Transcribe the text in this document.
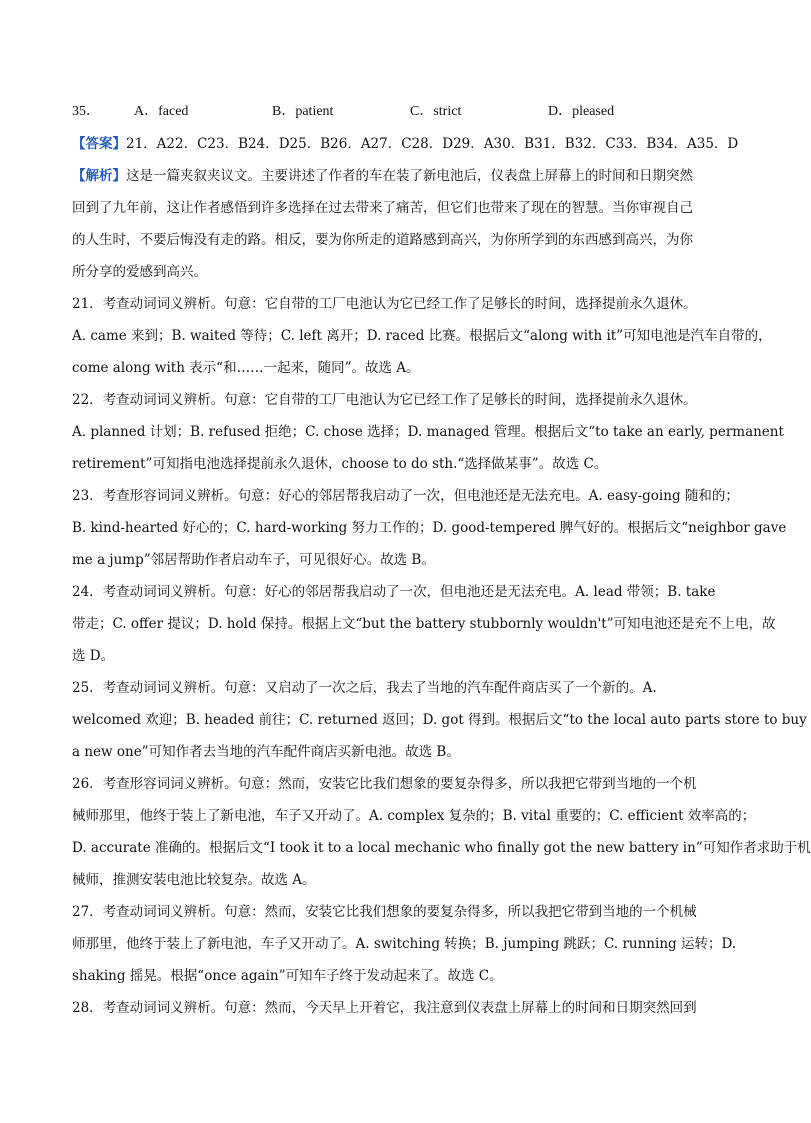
35．	A．faced	B．patient	C．strict	D．pleased
【答案】21．A22．C23．B24．D25．B26．A27．C28．D29．A30．B31．B32．C33．B34．A35．D
【解析】这是一篇夹叙夹议文。主要讲述了作者的车在装了新电池后，仪表盘上屏幕上的时间和日期突然
回到了九年前，这让作者感悟到许多选择在过去带来了痛苦，但它们也带来了现在的智慧。当你审视自己
的人生时，不要后悔没有走的路。相反，要为你所走的道路感到高兴，为你所学到的东西感到高兴，为你
所分享的爱感到高兴。
21．考查动词词义辨析。句意：它自带的工厂电池认为它已经工作了足够长的时间，选择提前永久退休。
A. came 来到；B. waited 等待；C. left 离开；D. raced 比赛。根据后文“along with it”可知电池是汽车自带的，
come along with 表示“和……一起来，随同”。故选 A。
22．考查动词词义辨析。句意：它自带的工厂电池认为它已经工作了足够长的时间，选择提前永久退休。
A. planned 计划；B. refused 拒绝；C. chose 选择；D. managed 管理。根据后文“to take an early, permanent
retirement”可知指电池选择提前永久退休，choose to do sth.“选择做某事”。故选 C。
23．考查形容词词义辨析。句意：好心的邻居帮我启动了一次，但电池还是无法充电。A. easy-going 随和的；
B. kind-hearted 好心的；C. hard-working 努力工作的；D. good-tempered 脾气好的。根据后文“neighbor gave
me a jump”邻居帮助作者启动车子，可见很好心。故选 B。
24．考查动词词义辨析。句意：好心的邻居帮我启动了一次，但电池还是无法充电。A. lead 带领；B. take
带走；C. offer 提议；D. hold 保持。根据上文“but the battery stubbornly wouldn't”可知电池还是充不上电，故
选 D。
25．考查动词词义辨析。句意：又启动了一次之后，我去了当地的汽车配件商店买了一个新的。A.
welcomed 欢迎；B. headed 前往；C. returned 返回；D. got 得到。根据后文“to the local auto parts store to buy
a new one”可知作者去当地的汽车配件商店买新电池。故选 B。
26．考查形容词词义辨析。句意：然而，安装它比我们想象的要复杂得多，所以我把它带到当地的一个机
械师那里，他终于装上了新电池，车子又开动了。A. complex 复杂的；B. vital 重要的；C. efficient 效率高的；
D. accurate 准确的。根据后文“I took it to a local mechanic who finally got the new battery in”可知作者求助于机
械师，推测安装电池比较复杂。故选 A。
27．考查动词词义辨析。句意：然而，安装它比我们想象的要复杂得多，所以我把它带到当地的一个机械
师那里，他终于装上了新电池，车子又开动了。A. switching 转换；B. jumping 跳跃；C. running 运转；D.
shaking 摇晃。根据“once again”可知车子终于发动起来了。故选 C。
28．考查动词词义辨析。句意：然而，今天早上开着它，我注意到仪表盘上屏幕上的时间和日期突然回到
